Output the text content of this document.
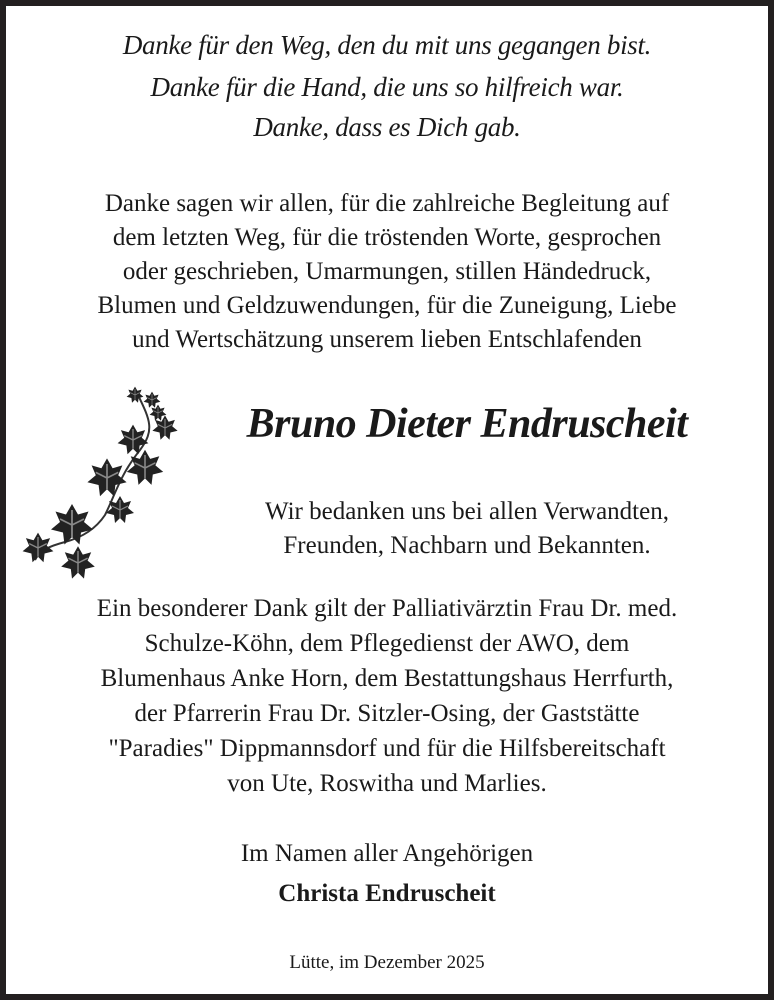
Danke für den Weg, den du mit uns gegangen bist.
Danke für die Hand, die uns so hilfreich war.
Danke, dass es Dich gab.
Danke sagen wir allen, für die zahlreiche Begleitung auf
dem letzten Weg, für die tröstenden Worte, gesprochen
oder geschrieben, Umarmungen, stillen Händedruck,
Blumen und Geldzuwendungen, für die Zuneigung, Liebe
und Wertschätzung unserem lieben Entschlafenden
Bruno Dieter Endruscheit
Wir bedanken uns bei allen Verwandten,
Freunden, Nachbarn und Bekannten.
Ein besonderer Dank gilt der Palliativärztin Frau Dr. med.
Schulze-Köhn, dem Pflegedienst der AWO, dem
Blumenhaus Anke Horn, dem Bestattungshaus Herrfurth,
der Pfarrerin Frau Dr. Sitzler-Osing, der Gaststätte
"Paradies" Dippmannsdorf und für die Hilfsbereitschaft
von Ute, Roswitha und Marlies.
Im Namen aller Angehörigen
Christa Endruscheit
Lütte, im Dezember 2025
